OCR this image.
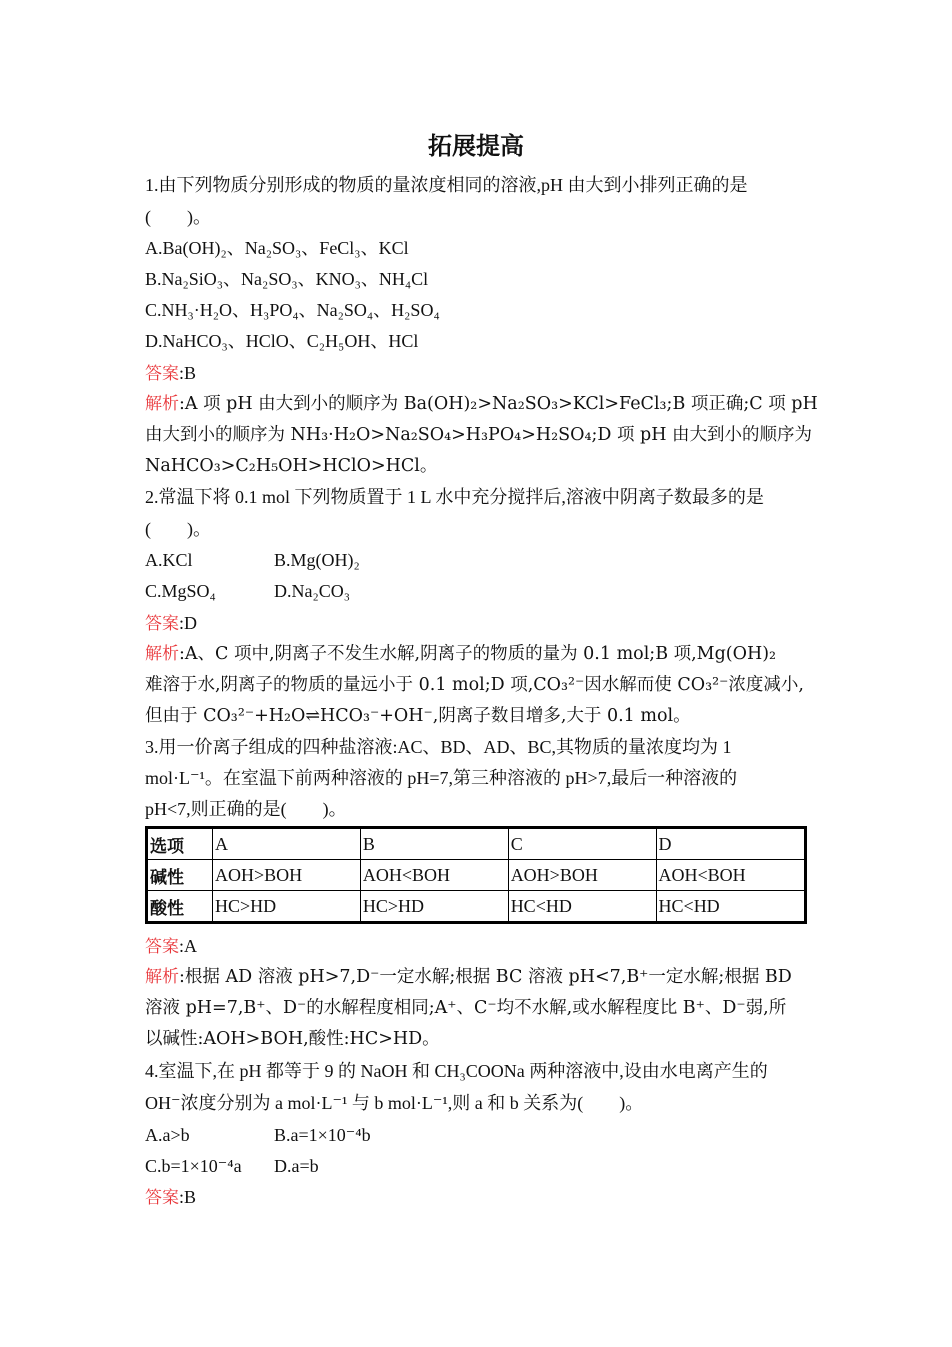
拓展提高
1.由下列物质分别形成的物质的量浓度相同的溶液,pH 由大到小排列正确的是
(　　)。
A.Ba(OH)₂、Na₂SO₃、FeCl₃、KCl
B.Na₂SiO₃、Na₂SO₃、KNO₃、NH₄Cl
C.NH₃·H₂O、H₃PO₄、Na₂SO₄、H₂SO₄
D.NaHCO₃、HClO、C₂H₅OH、HCl
答案:B
解析:A 项 pH 由大到小的顺序为 Ba(OH)₂>Na₂SO₃>KCl>FeCl₃;B 项正确;C 项 pH
由大到小的顺序为 NH₃·H₂O>Na₂SO₄>H₃PO₄>H₂SO₄;D 项 pH 由大到小的顺序为
NaHCO₃>C₂H₅OH>HClO>HCl。
2.常温下将 0.1 mol 下列物质置于 1 L 水中充分搅拌后,溶液中阴离子数最多的是
(　　)。
A.KCl	B.Mg(OH)₂
C.MgSO₄	D.Na₂CO₃
答案:D
解析:A、C 项中,阴离子不发生水解,阴离子的物质的量为 0.1 mol;B 项,Mg(OH)₂
难溶于水,阴离子的物质的量远小于 0.1 mol;D 项,CO₃²⁻因水解而使 CO₃²⁻浓度减小,
但由于 CO₃²⁻+H₂O⇌HCO₃⁻+OH⁻,阴离子数目增多,大于 0.1 mol。
3.用一价离子组成的四种盐溶液:AC、BD、AD、BC,其物质的量浓度均为 1
mol·L⁻¹。在室温下前两种溶液的 pH=7,第三种溶液的 pH>7,最后一种溶液的
pH<7,则正确的是(　　)。
选项	A	B	C	D
碱性	AOH>BOH	AOH<BOH	AOH>BOH	AOH<BOH
酸性	HC>HD	HC>HD	HC<HD	HC<HD
答案:A
解析:根据 AD 溶液 pH>7,D⁻一定水解;根据 BC 溶液 pH<7,B⁺一定水解;根据 BD
溶液 pH=7,B⁺、D⁻的水解程度相同;A⁺、C⁻均不水解,或水解程度比 B⁺、D⁻弱,所
以碱性:AOH>BOH,酸性:HC>HD。
4.室温下,在 pH 都等于 9 的 NaOH 和 CH₃COONa 两种溶液中,设由水电离产生的
OH⁻浓度分别为 a mol·L⁻¹ 与 b mol·L⁻¹,则 a 和 b 关系为(　　)。
A.a>b	B.a=1×10⁻⁴b
C.b=1×10⁻⁴a D.a=b
答案:B
